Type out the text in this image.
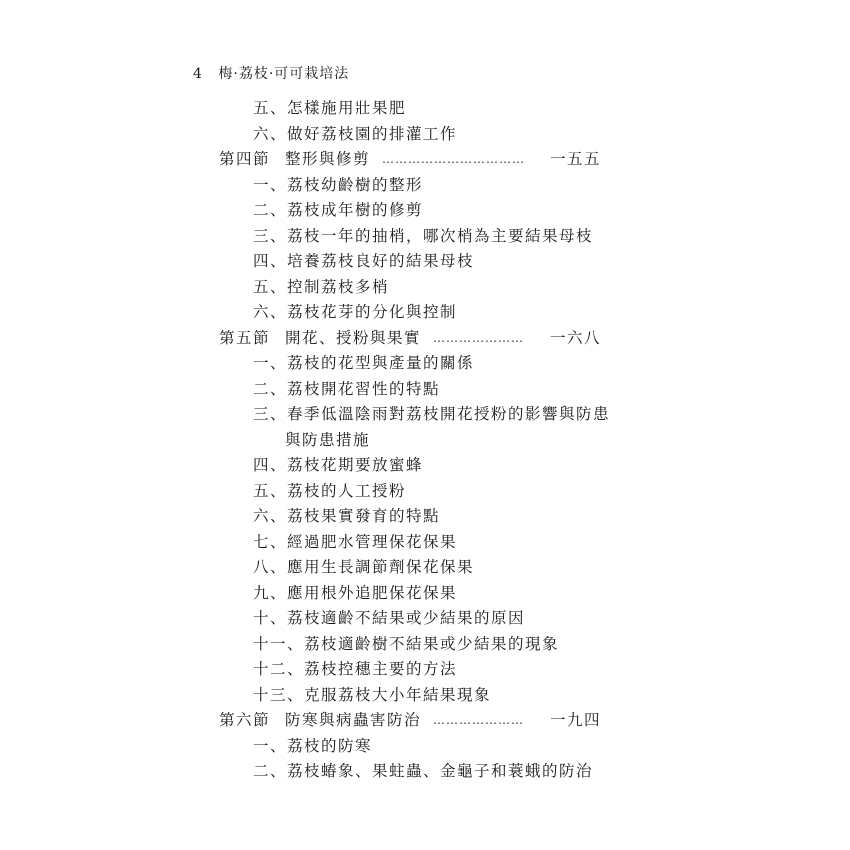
4 梅·荔枝·可可栽培法
五、怎樣施用壯果肥
六、做好荔枝園的排灌工作
第四節 整形與修剪 ……………………………	一五五
一、荔枝幼齡樹的整形
二、荔枝成年樹的修剪
三、荔枝一年的抽梢，哪次梢為主要結果母枝
四、培養荔枝良好的結果母枝
五、控制荔枝多梢
六、荔枝花芽的分化與控制
第五節 開花、授粉與果實 …………………	一六八
一、荔枝的花型與產量的關係
二、荔枝開花習性的特點
三、春季低溫陰雨對荔枝開花授粉的影響與防患
與防患措施
四、荔枝花期要放蜜蜂
五、荔枝的人工授粉
六、荔枝果實發育的特點
七、經過肥水管理保花保果
八、應用生長調節劑保花保果
九、應用根外追肥保花保果
十、荔枝適齡不結果或少結果的原因
十一、荔枝適齡樹不結果或少結果的現象
十二、荔枝控穗主要的方法
十三、克服荔枝大小年結果現象
第六節 防寒與病蟲害防治 …………………	一九四
一、荔枝的防寒
二、荔枝蝽象、果蛀蟲、金龜子和蓑蛾的防治
